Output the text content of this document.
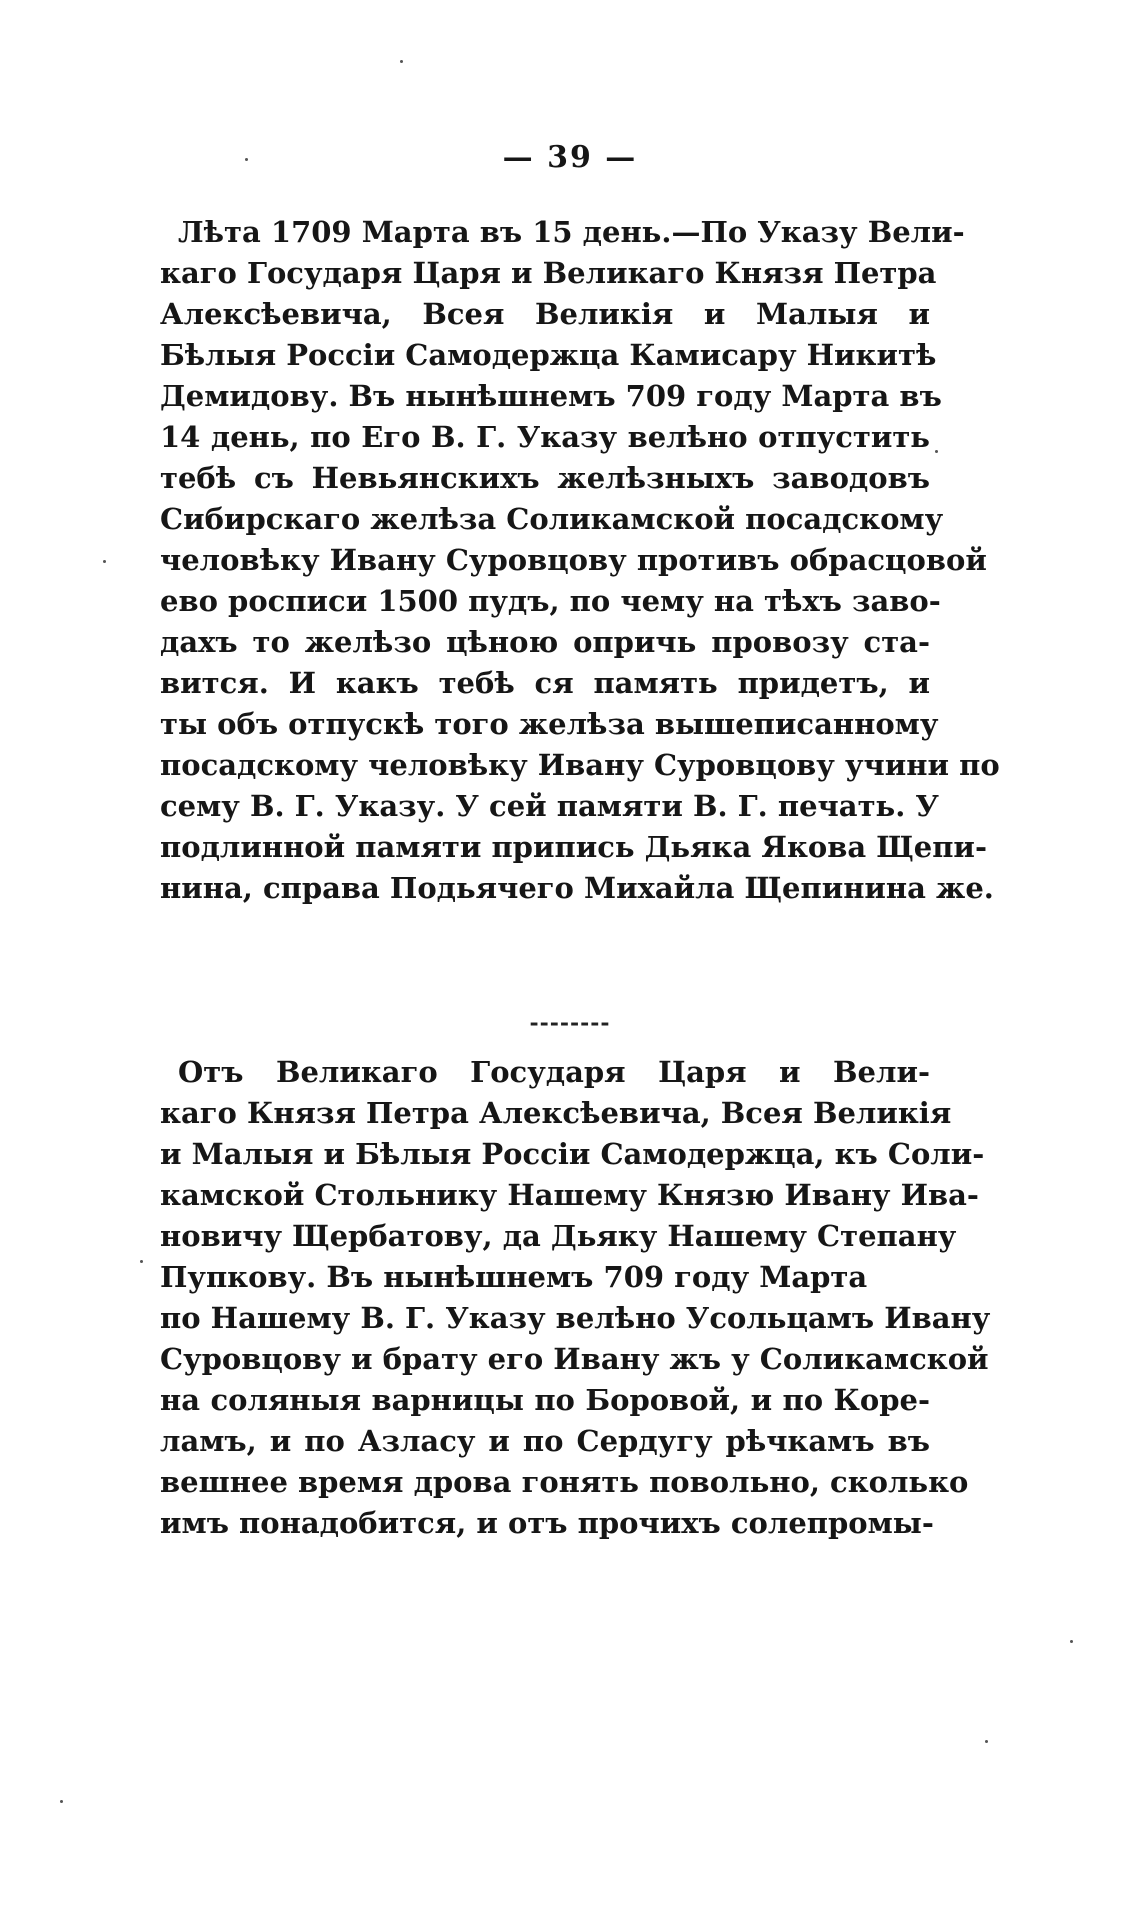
— 39 —
Лѣта 1709 Марта въ 15 день.—По Указу Вели-
каго Государя Царя и Великаго Князя Петра
Алексѣевича, Всея Великія и Малыя и
Бѣлыя Россіи Самодержца Камисару Никитѣ
Демидову. Въ нынѣшнемъ 709 году Марта въ
14 день, по Его В. Г. Указу велѣно отпустить
тебѣ съ Невьянскихъ желѣзныхъ заводовъ
Сибирскаго желѣза Соликамской посадскому
человѣку Ивану Суровцову противъ обрасцовой
ево росписи 1500 пудъ, по чему на тѣхъ заво-
дахъ то желѣзо цѣною опричь провозу ста-
вится. И какъ тебѣ ся память придетъ, и
ты объ отпускѣ того желѣза вышеписанному
посадскому человѣку Ивану Суровцову учини по
сему В. Г. Указу. У сей памяти В. Г. печать. У
подлинной памяти припись Дьяка Якова Щепи-
нина, справа Подьячего Михайла Щепинина же.
--------
Отъ Великаго Государя Царя и Вели-
каго Князя Петра Алексѣевича, Всея Великія
и Малыя и Бѣлыя Россіи Самодержца, къ Соли-
камской Стольнику Нашему Князю Ивану Ива-
новичу Щербатову, да Дьяку Нашему Степану
Пупкову. Въ нынѣшнемъ 709 году Марта
по Нашему В. Г. Указу велѣно Усольцамъ Ивану
Суровцову и брату его Ивану жъ у Соликамской
на соляныя варницы по Боровой, и по Коре-
ламъ, и по Азласу и по Сердугу рѣчкамъ въ
вешнее время дрова гонять повольно, сколько
имъ понадобится, и отъ прочихъ солепромы-
